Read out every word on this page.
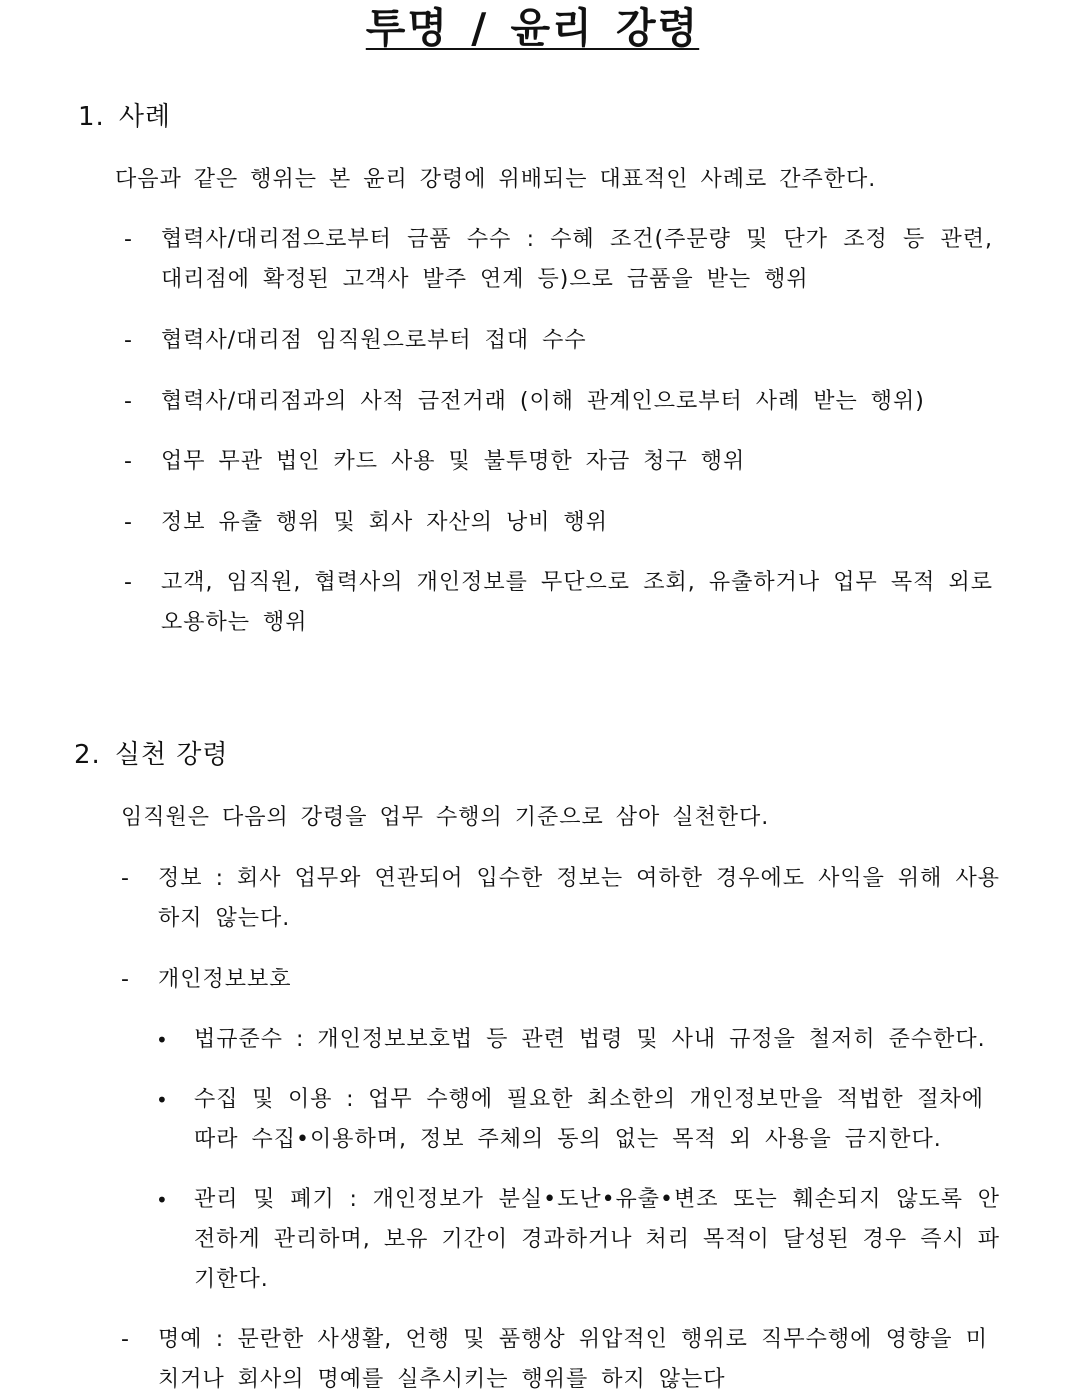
투명 / 윤리 강령
1. 사례
다음과 같은 행위는 본 윤리 강령에 위배되는 대표적인 사례로 간주한다.
- 협력사/대리점으로부터 금품 수수 : 수혜 조건(주문량 및 단가 조정 등 관련, 대리점에 확정된 고객사 발주 연계 등)으로 금품을 받는 행위
- 협력사/대리점 임직원으로부터 접대 수수
- 협력사/대리점과의 사적 금전거래 (이해 관계인으로부터 사례 받는 행위)
- 업무 무관 법인 카드 사용 및 불투명한 자금 청구 행위
- 정보 유출 행위 및 회사 자산의 낭비 행위
- 고객, 임직원, 협력사의 개인정보를 무단으로 조회, 유출하거나 업무 목적 외로 오용하는 행위
2. 실천 강령
임직원은 다음의 강령을 업무 수행의 기준으로 삼아 실천한다.
- 정보 : 회사 업무와 연관되어 입수한 정보는 여하한 경우에도 사익을 위해 사용하지 않는다.
- 개인정보보호
• 법규준수 : 개인정보보호법 등 관련 법령 및 사내 규정을 철저히 준수한다.
• 수집 및 이용 : 업무 수행에 필요한 최소한의 개인정보만을 적법한 절차에 따라 수집•이용하며, 정보 주체의 동의 없는 목적 외 사용을 금지한다.
• 관리 및 폐기 : 개인정보가 분실•도난•유출•변조 또는 훼손되지 않도록 안전하게 관리하며, 보유 기간이 경과하거나 처리 목적이 달성된 경우 즉시 파기한다.
- 명예 : 문란한 사생활, 언행 및 품행상 위압적인 행위로 직무수행에 영향을 미치거나 회사의 명예를 실추시키는 행위를 하지 않는다
